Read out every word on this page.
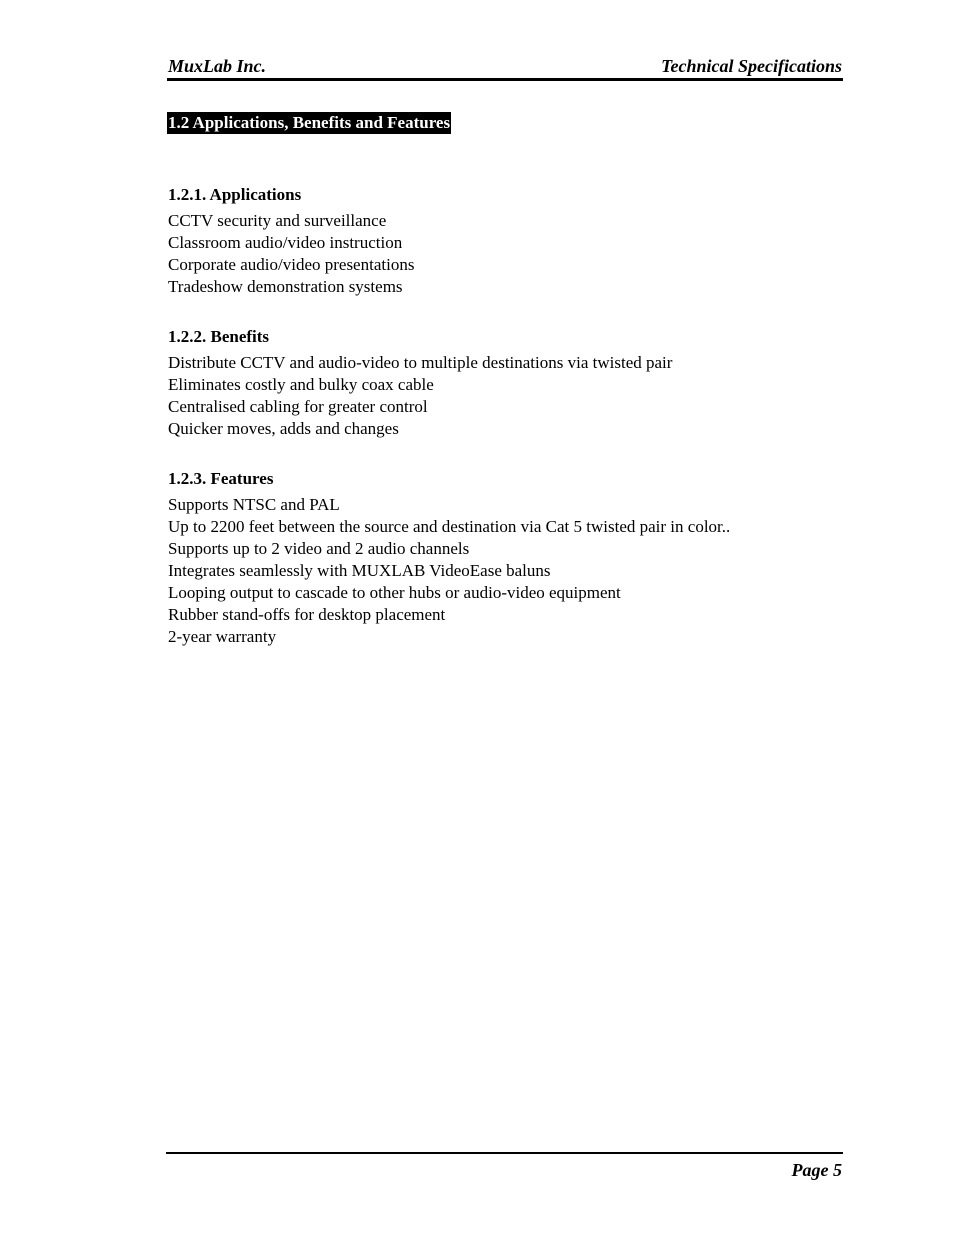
MuxLab Inc.	Technical Specifications
1.2 Applications, Benefits and Features
1.2.1. Applications
CCTV security and surveillance
Classroom audio/video instruction
Corporate audio/video presentations
Tradeshow demonstration systems
1.2.2. Benefits
Distribute CCTV and audio-video to multiple destinations via twisted pair
Eliminates costly and bulky coax cable
Centralised cabling for greater control
Quicker moves, adds and changes
1.2.3. Features
Supports NTSC and PAL
Up to 2200 feet between the source and destination via Cat 5 twisted pair in color..
Supports up to 2 video and 2 audio channels
Integrates seamlessly with MUXLAB VideoEase baluns
Looping output to cascade to other hubs or audio-video equipment
Rubber stand-offs for desktop placement
2-year warranty
Page 5
